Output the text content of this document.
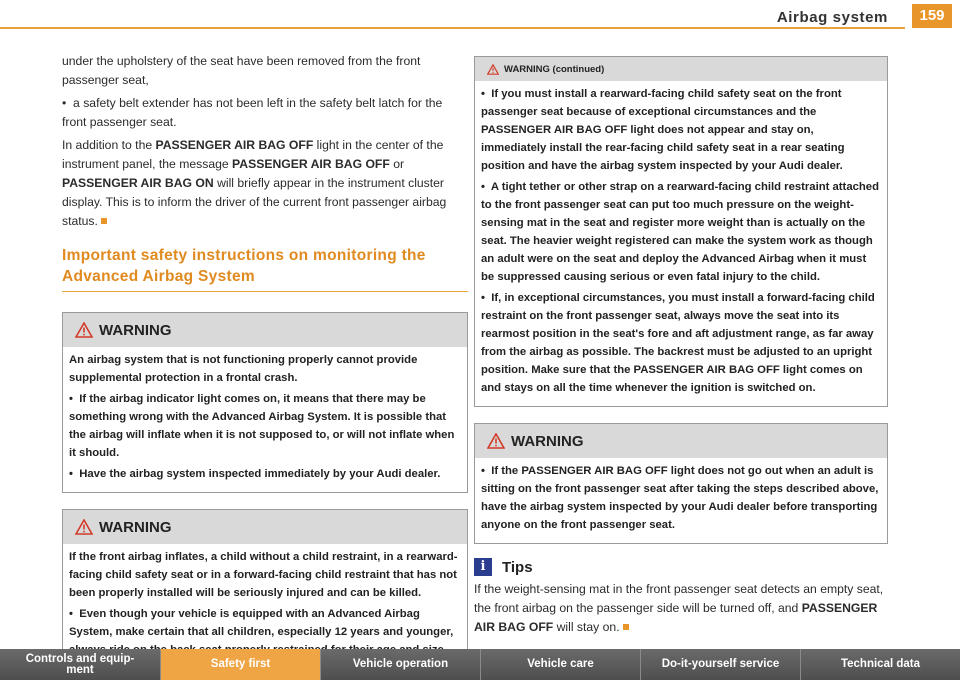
Airbag system	159

under the upholstery of the seat have been removed from the front passenger seat,

•  a safety belt extender has not been left in the safety belt latch for the front passenger seat.

In addition to the PASSENGER AIR BAG OFF light in the center of the instrument panel, the message PASSENGER AIR BAG OFF or PASSENGER AIR BAG ON will briefly appear in the instrument cluster display. This is to inform the driver of the current front passenger airbag status.

Important safety instructions on monitoring the Advanced Airbag System
WARNING

An airbag system that is not functioning properly cannot provide supplemental protection in a frontal crash.

•  If the airbag indicator light comes on, it means that there may be something wrong with the Advanced Airbag System. It is possible that the airbag will inflate when it is not supposed to, or will not inflate when it should.

•  Have the airbag system inspected immediately by your Audi dealer.

WARNING

If the front airbag inflates, a child without a child restraint, in a rearward-facing child safety seat or in a forward-facing child restraint that has not been properly installed will be seriously injured and can be killed.

•  Even though your vehicle is equipped with an Advanced Airbag System, make certain that all children, especially 12 years and younger,

WARNING (continued)

•  If you must install a rearward-facing child safety seat on the front passenger seat because of exceptional circumstances and the PASSENGER AIR BAG OFF light does not appear and stay on, immediately install the rear-facing child safety seat in a rear seating position and have the airbag system inspected by your Audi dealer.

•  A tight tether or other strap on a rearward-facing child restraint attached to the front passenger seat can put too much pressure on the weight-sensing mat in the seat and register more weight than is actually on the seat. The heavier weight registered can make the system work as though an adult were on the seat and deploy the Advanced Airbag when it must be suppressed causing serious or even fatal injury to the child.

•  If, in exceptional circumstances, you must install a forward-facing child restraint on the front passenger seat, always move the seat into its rearmost position in the seat's fore and aft adjustment range, as far away from the airbag as possible. The backrest must be adjusted to an upright position. Make sure that the PASSENGER AIR BAG OFF light comes on and stays on all the time whenever the ignition is switched on.

WARNING

•  If the PASSENGER AIR BAG OFF light does not go out when an adult is sitting on the front passenger seat after taking the steps described above, have the airbag system inspected by your Audi dealer before transporting anyone on the front passenger seat.

i	Tips

If the weight-sensing mat in the front passenger seat detects an empty seat, the front airbag on the passenger side will be turned off, and PASSENGER AIR BAG OFF will stay on.

Controls and equip-
ment	Safety first	Vehicle operation	Vehicle care	Do-it-yourself service	Technical data
